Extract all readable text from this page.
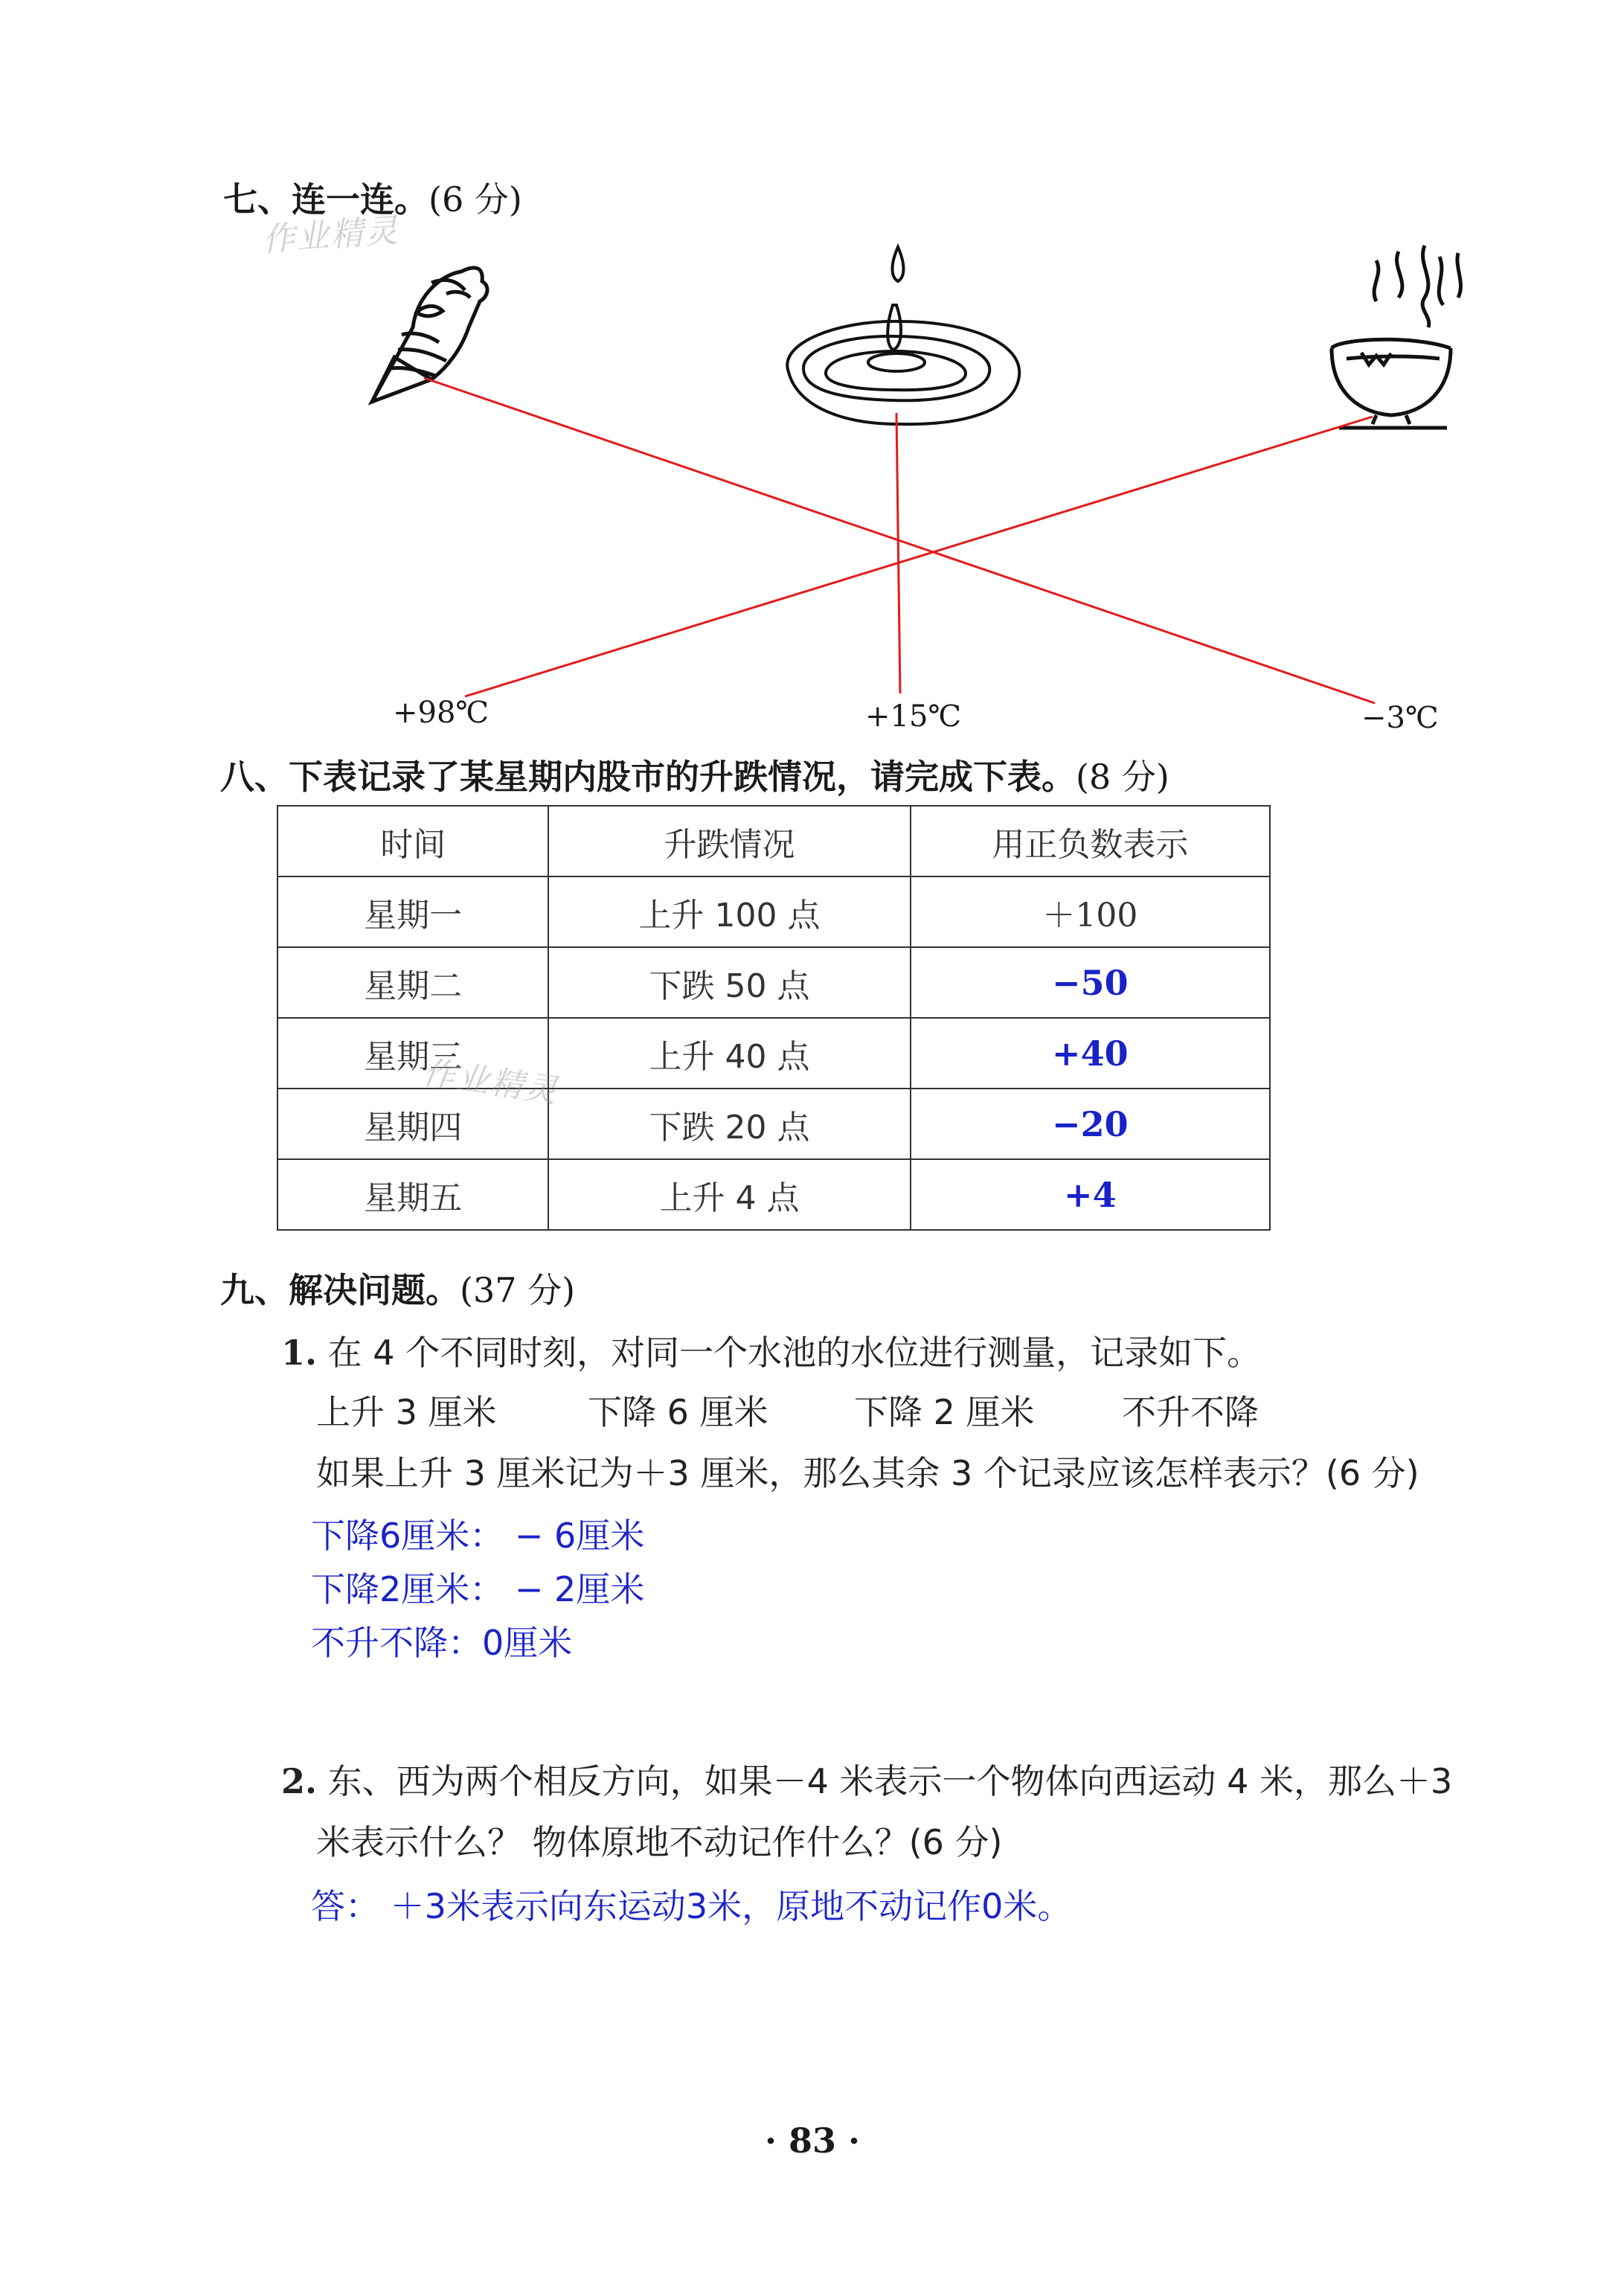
七、连一连。(6 分)
作业精灵
+98℃	+15℃	−3℃
八、下表记录了某星期内股市的升跌情况，请完成下表。(8 分)
时间	升跌情况	用正负数表示
星期一	上升 100 点	＋100
星期二	下跌 50 点	−50
星期三	上升 40 点	+40
星期四	下跌 20 点	−20
星期五	上升 4 点	+4
作业精灵
九、解决问题。(37 分)
1. 在 4 个不同时刻，对同一个水池的水位进行测量，记录如下。
上升 3 厘米	下降 6 厘米	下降 2 厘米	不升不降
如果上升 3 厘米记为＋3 厘米，那么其余 3 个记录应该怎样表示？(6 分)
下降6厘米： − 6厘米
下降2厘米： − 2厘米
不升不降：0厘米
2. 东、西为两个相反方向，如果－4 米表示一个物体向西运动 4 米，那么＋3
米表示什么？ 物体原地不动记作什么？(6 分)
答： ＋3米表示向东运动3米，原地不动记作0米。
· 83 ·
